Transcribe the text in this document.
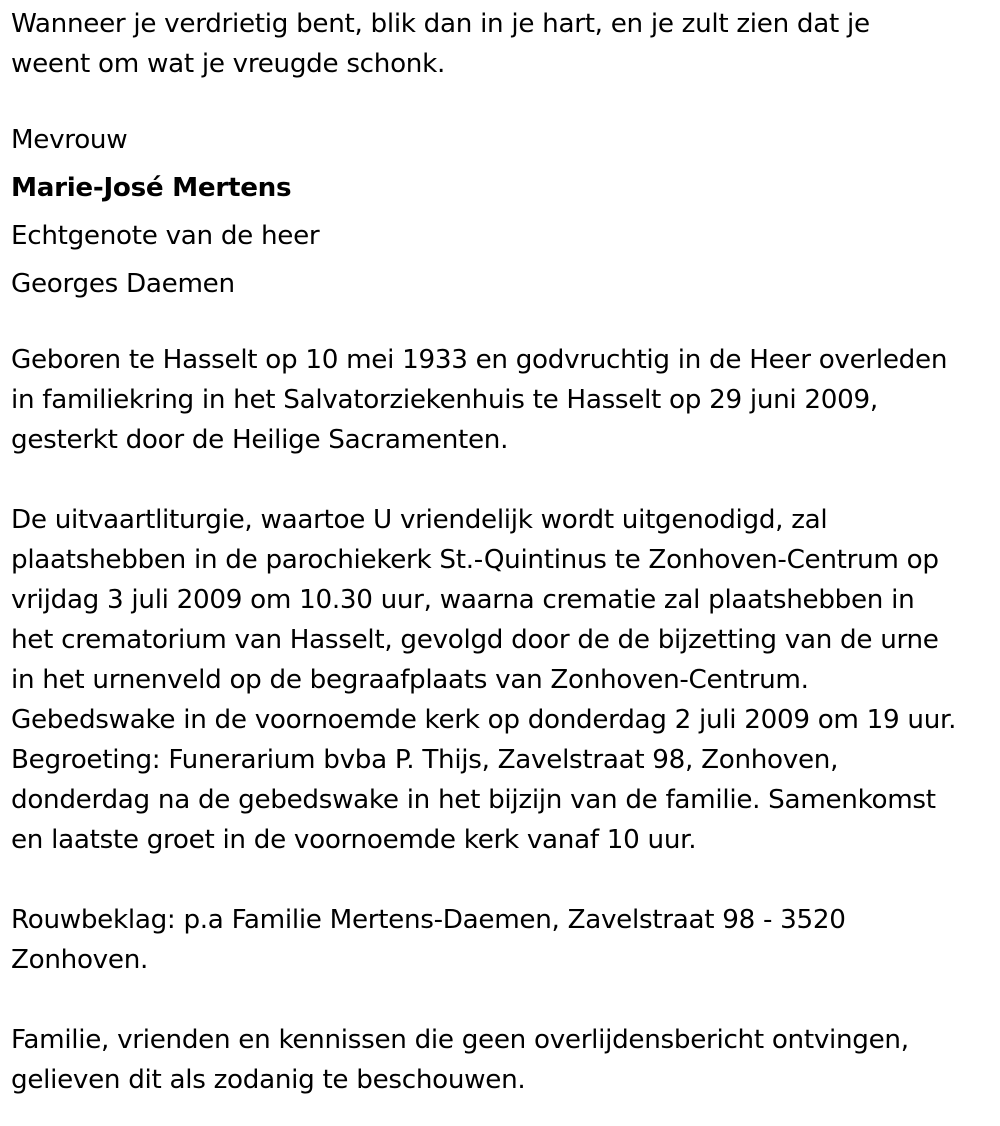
Wanneer je verdrietig bent, blik dan in je hart, en je zult zien dat je
weent om wat je vreugde schonk.

Mevrouw
Marie-José Mertens
Echtgenote van de heer
Georges Daemen

Geboren te Hasselt op 10 mei 1933 en godvruchtig in de Heer overleden
in familiekring in het Salvatorziekenhuis te Hasselt op 29 juni 2009,
gesterkt door de Heilige Sacramenten.

De uitvaartliturgie, waartoe U vriendelijk wordt uitgenodigd, zal
plaatshebben in de parochiekerk St.-Quintinus te Zonhoven-Centrum op
vrijdag 3 juli 2009 om 10.30 uur, waarna crematie zal plaatshebben in
het crematorium van Hasselt, gevolgd door de de bijzetting van de urne
in het urnenveld op de begraafplaats van Zonhoven-Centrum.
Gebedswake in de voornoemde kerk op donderdag 2 juli 2009 om 19 uur.
Begroeting: Funerarium bvba P. Thijs, Zavelstraat 98, Zonhoven,
donderdag na de gebedswake in het bijzijn van de familie. Samenkomst
en laatste groet in de voornoemde kerk vanaf 10 uur.

Rouwbeklag: p.a Familie Mertens-Daemen, Zavelstraat 98 - 3520
Zonhoven.

Familie, vrienden en kennissen die geen overlijdensbericht ontvingen,
gelieven dit als zodanig te beschouwen.
